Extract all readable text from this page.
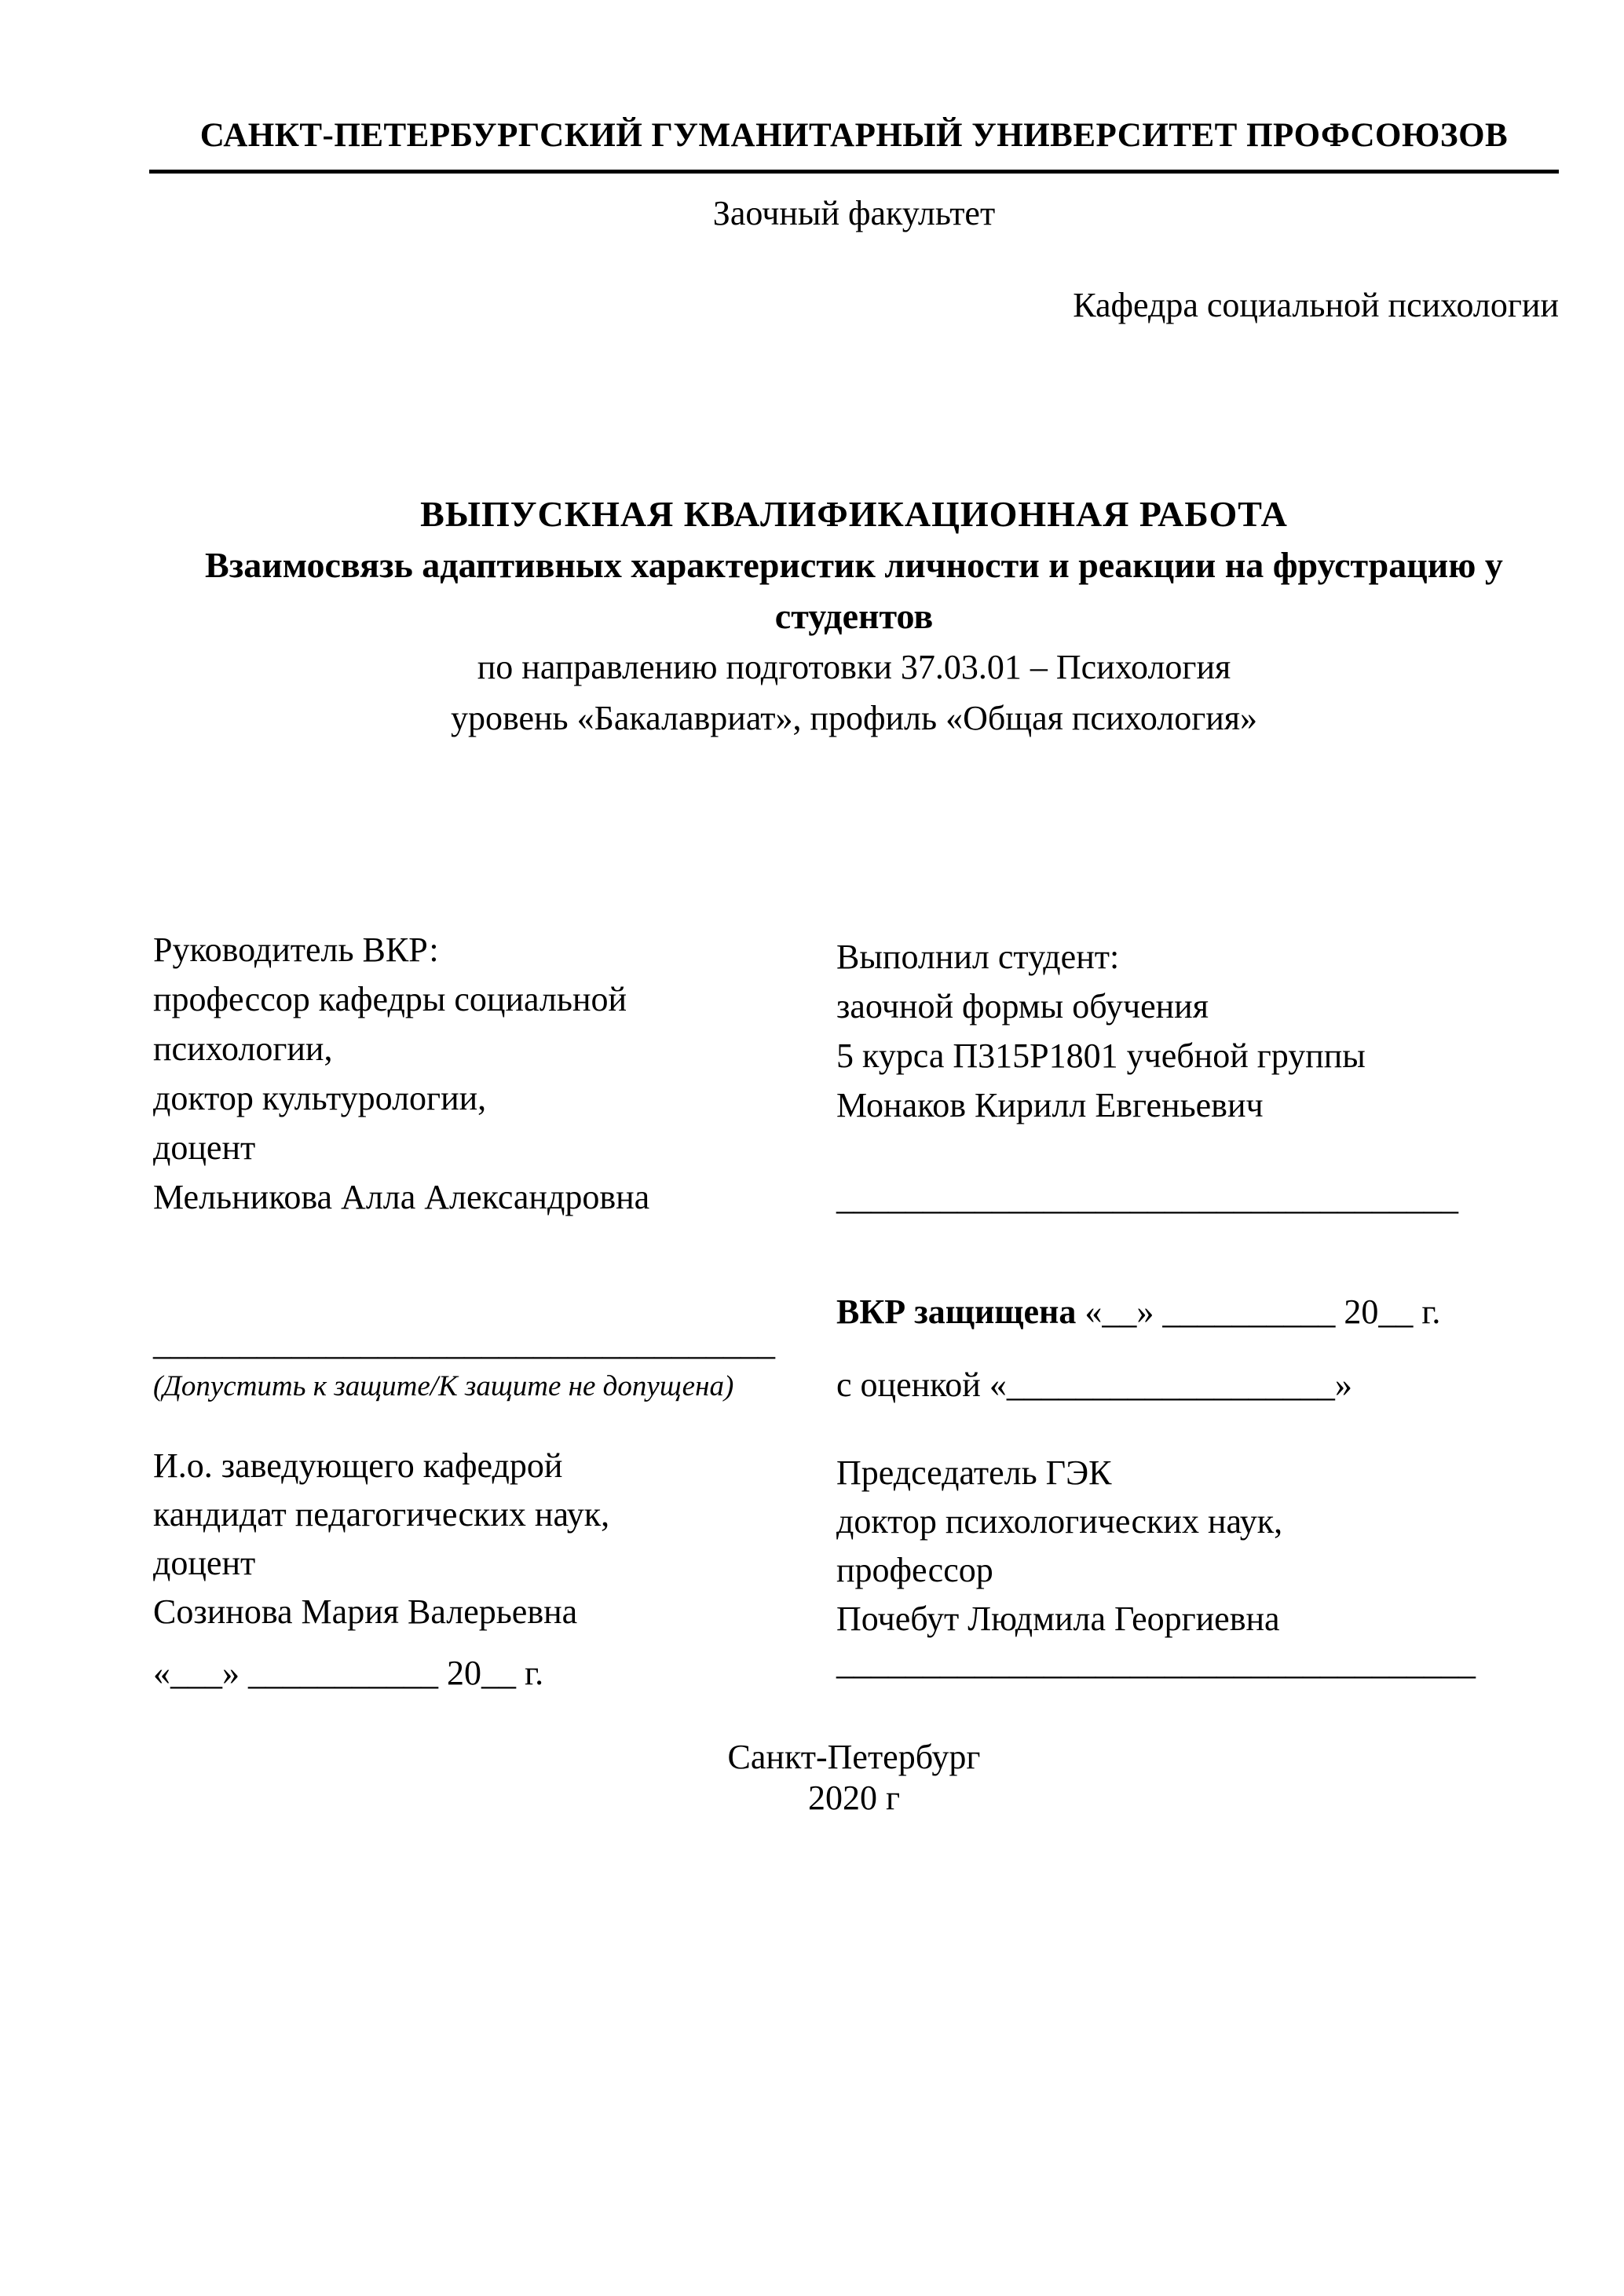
САНКТ-ПЕТЕРБУРГСКИЙ ГУМАНИТАРНЫЙ УНИВЕРСИТЕТ ПРОФСОЮЗОВ
Заочный факультет
Кафедра социальной психологии
ВЫПУСКНАЯ КВАЛИФИКАЦИОННАЯ РАБОТА
Взаимосвязь адаптивных характеристик личности и реакции на фрустрацию у
студентов
по направлению подготовки 37.03.01 – Психология
уровень «Бакалавриат», профиль «Общая психология»
Руководитель ВКР:
профессор кафедры социальной
психологии,
доктор культурологии,
доцент
Мельникова Алла Александровна
Выполнил студент:
заочной формы обучения
5 курса П315Р1801 учебной группы
Монаков Кирилл Евгеньевич
____________________________________
ВКР защищена «__» __________ 20__ г.
с оценкой «___________________»
____________________________________
(Допустить к защите/К защите не допущена)
И.о. заведующего кафедрой
кандидат педагогических наук,
доцент
Созинова Мария Валерьевна
«___» ___________ 20__ г.
Председатель ГЭК
доктор психологических наук,
профессор
Почебут Людмила Георгиевна
_____________________________________
Санкт-Петербург
2020 г
